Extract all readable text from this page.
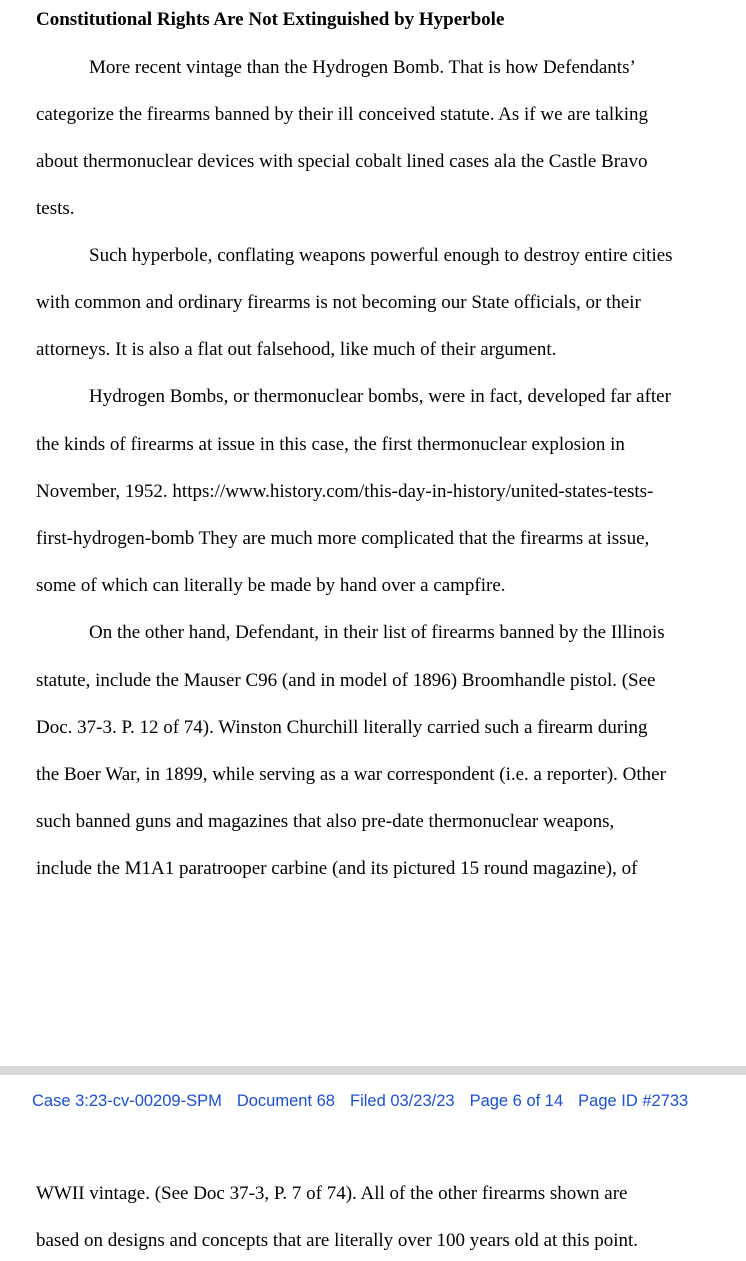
Constitutional Rights Are Not Extinguished by Hyperbole
More recent vintage than the Hydrogen Bomb. That is how Defendants’
categorize the firearms banned by their ill conceived statute. As if we are talking
about thermonuclear devices with special cobalt lined cases ala the Castle Bravo
tests.
Such hyperbole, conflating weapons powerful enough to destroy entire cities
with common and ordinary firearms is not becoming our State officials, or their
attorneys. It is also a flat out falsehood, like much of their argument.
Hydrogen Bombs, or thermonuclear bombs, were in fact, developed far after
the kinds of firearms at issue in this case, the first thermonuclear explosion in
November, 1952. https://www.history.com/this-day-in-history/united-states-tests-
first-hydrogen-bomb They are much more complicated that the firearms at issue,
some of which can literally be made by hand over a campfire.
On the other hand, Defendant, in their list of firearms banned by the Illinois
statute, include the Mauser C96 (and in model of 1896) Broomhandle pistol. (See
Doc. 37-3. P. 12 of 74). Winston Churchill literally carried such a firearm during
the Boer War, in 1899, while serving as a war correspondent (i.e. a reporter). Other
such banned guns and magazines that also pre-date thermonuclear weapons,
include the M1A1 paratrooper carbine (and its pictured 15 round magazine), of
Case 3:23-cv-00209-SPM Document 68 Filed 03/23/23 Page 6 of 14 Page ID #2733
WWII vintage. (See Doc 37-3, P. 7 of 74). All of the other firearms shown are
based on designs and concepts that are literally over 100 years old at this point.
